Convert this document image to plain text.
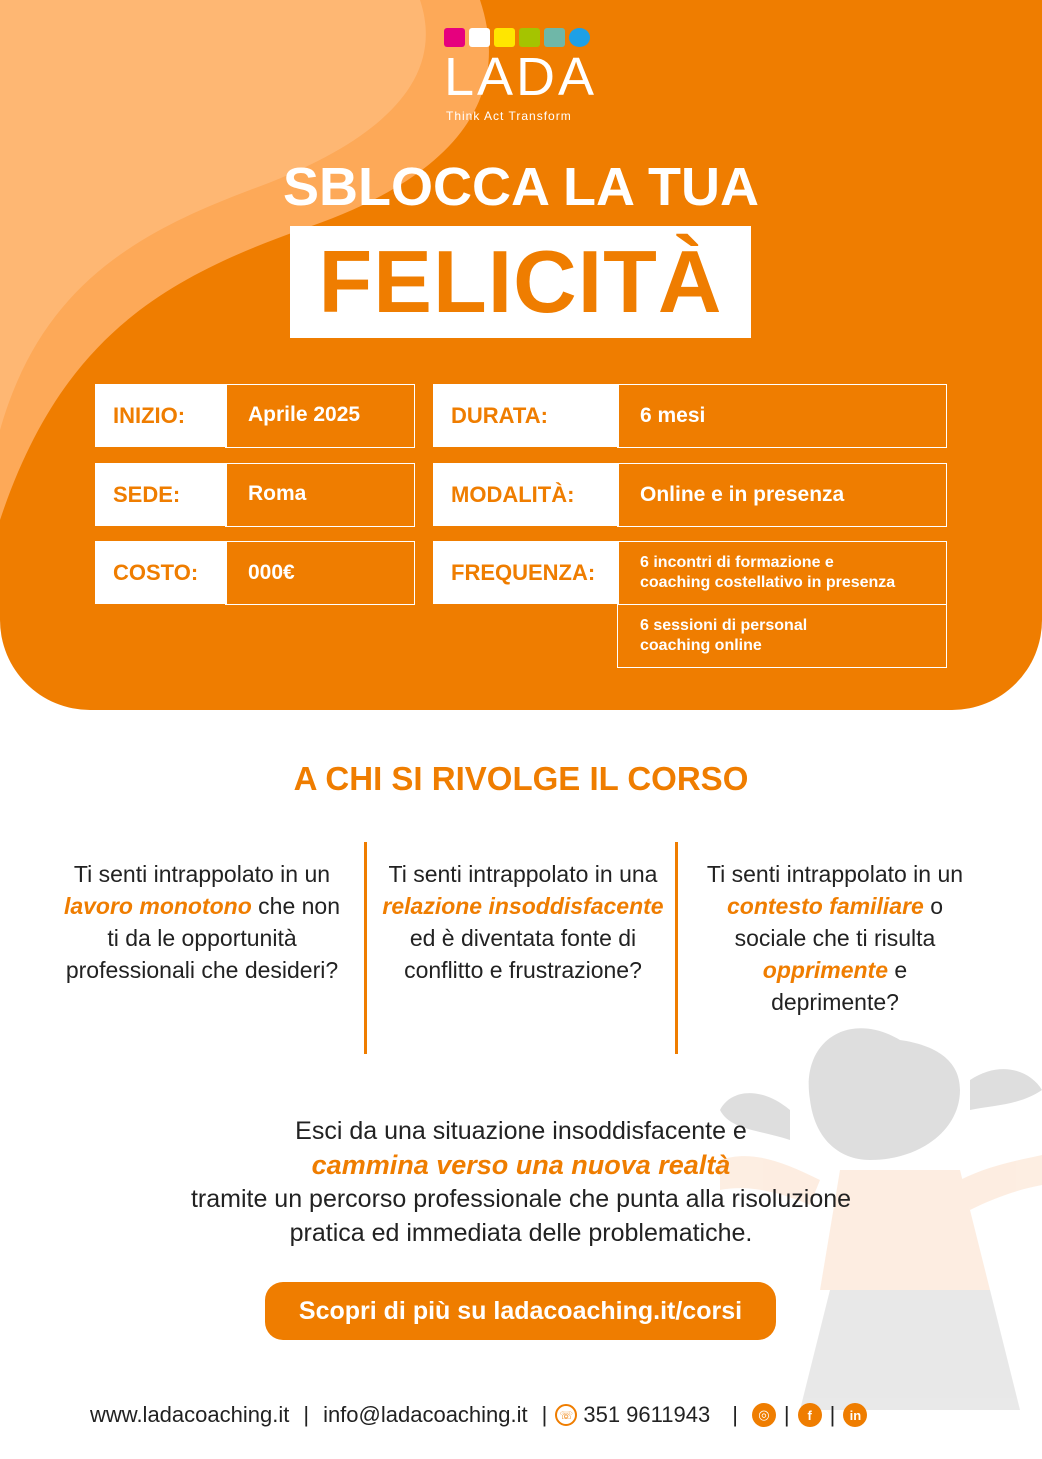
LADA
Think Act Transform
SBLOCCA LA TUA
FELICITÀ
INIZIO:	Aprile 2025
SEDE:	Roma
COSTO:	000€
DURATA:	6 mesi
MODALITÀ:	Online e in presenza
FREQUENZA:	6 incontri di formazione e
coaching costellativo in presenza
6 sessioni di personal
coaching online
A CHI SI RIVOLGE IL CORSO
Ti senti intrappolato in un lavoro monotono che non ti da le opportunità professionali che desideri?
Ti senti intrappolato in una relazione insoddisfacente ed è diventata fonte di conflitto e frustrazione?
Ti senti intrappolato in un contesto familiare o sociale che ti risulta opprimente e deprimente?
Esci da una situazione insoddisfacente e
cammina verso una nuova realtà
tramite un percorso professionale che punta alla risoluzione
pratica ed immediata delle problematiche.
Scopri di più su ladacoaching.it/corsi
www.ladacoaching.it | info@ladacoaching.it |	☏ 351 9611943 |	◎ |	f |	in
